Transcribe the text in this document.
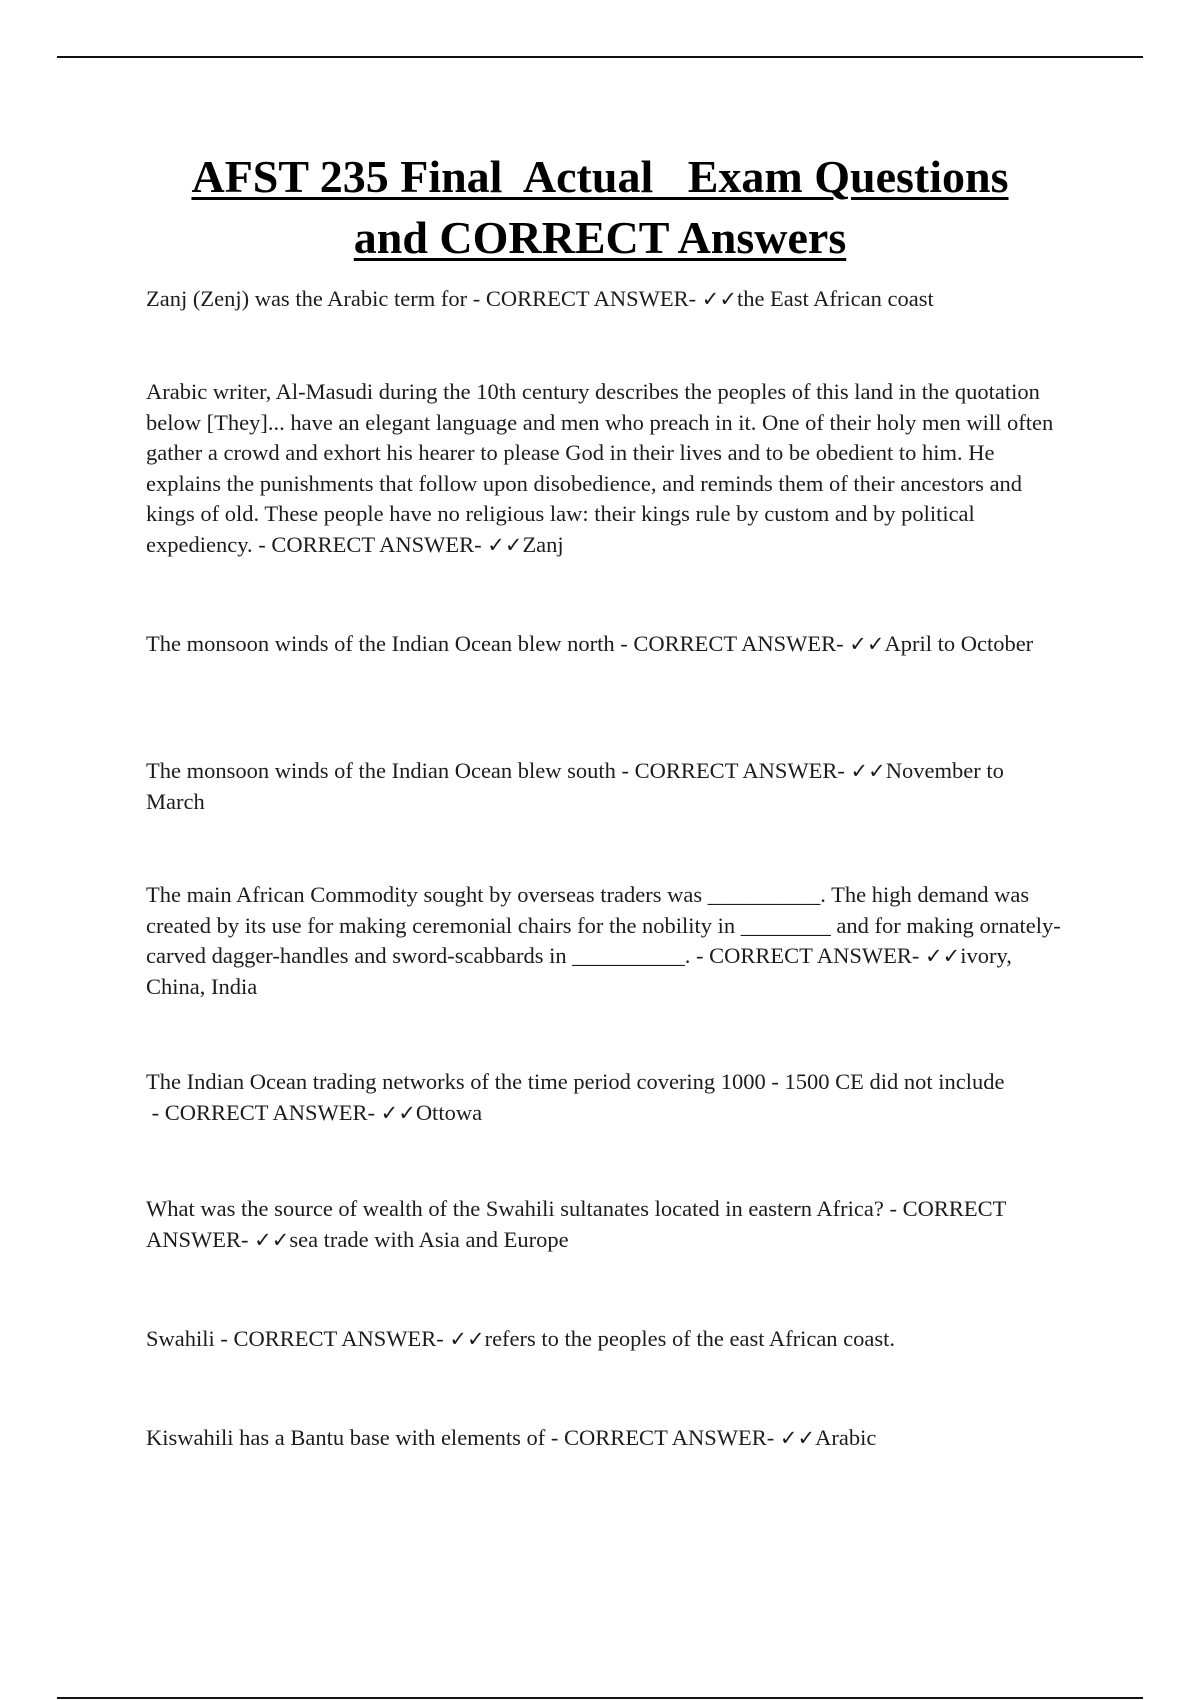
AFST 235 Final  Actual   Exam Questions
and CORRECT Answers

Zanj (Zenj) was the Arabic term for - CORRECT ANSWER- ✓✓the East African coast

Arabic writer, Al-Masudi during the 10th century describes the peoples of this land in the quotation below [They]... have an elegant language and men who preach in it. One of their holy men will often gather a crowd and exhort his hearer to please God in their lives and to be obedient to him. He explains the punishments that follow upon disobedience, and reminds them of their ancestors and kings of old. These people have no religious law: their kings rule by custom and by political expediency. - CORRECT ANSWER- ✓✓Zanj

The monsoon winds of the Indian Ocean blew north - CORRECT ANSWER- ✓✓April to October

The monsoon winds of the Indian Ocean blew south - CORRECT ANSWER- ✓✓November to March

The main African Commodity sought by overseas traders was __________. The high demand was created by its use for making ceremonial chairs for the nobility in ________ and for making ornately-carved dagger-handles and sword-scabbards in __________. - CORRECT ANSWER- ✓✓ivory, China, India

The Indian Ocean trading networks of the time period covering 1000 - 1500 CE did not include - CORRECT ANSWER- ✓✓Ottowa

What was the source of wealth of the Swahili sultanates located in eastern Africa? - CORRECT ANSWER- ✓✓sea trade with Asia and Europe

Swahili - CORRECT ANSWER- ✓✓refers to the peoples of the east African coast.

Kiswahili has a Bantu base with elements of - CORRECT ANSWER- ✓✓Arabic
